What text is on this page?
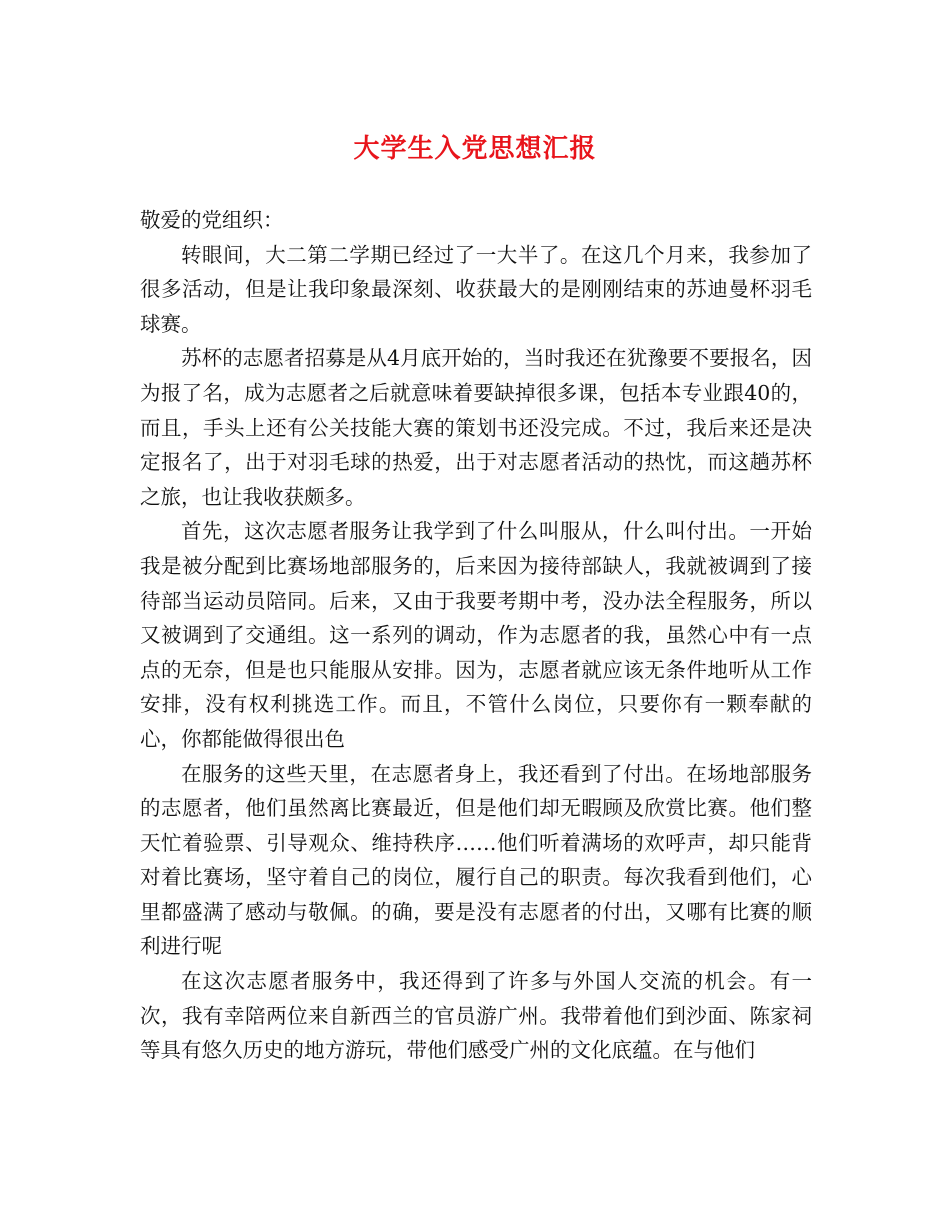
大学生入党思想汇报

敬爱的党组织：

转眼间，大二第二学期已经过了一大半了。在这几个月来，我参加了很多活动，但是让我印象最深刻、收获最大的是刚刚结束的苏迪曼杯羽毛球赛。

苏杯的志愿者招募是从4月底开始的，当时我还在犹豫要不要报名，因为报了名，成为志愿者之后就意味着要缺掉很多课，包括本专业跟40的，而且，手头上还有公关技能大赛的策划书还没完成。不过，我后来还是决定报名了，出于对羽毛球的热爱，出于对志愿者活动的热忱，而这趟苏杯之旅，也让我收获颇多。

首先，这次志愿者服务让我学到了什么叫服从，什么叫付出。一开始我是被分配到比赛场地部服务的，后来因为接待部缺人，我就被调到了接待部当运动员陪同。后来，又由于我要考期中考，没办法全程服务，所以又被调到了交通组。这一系列的调动，作为志愿者的我，虽然心中有一点点的无奈，但是也只能服从安排。因为，志愿者就应该无条件地听从工作安排，没有权利挑选工作。而且，不管什么岗位，只要你有一颗奉献的心，你都能做得很出色

在服务的这些天里，在志愿者身上，我还看到了付出。在场地部服务的志愿者，他们虽然离比赛最近，但是他们却无暇顾及欣赏比赛。他们整天忙着验票、引导观众、维持秩序……他们听着满场的欢呼声，却只能背对着比赛场，坚守着自己的岗位，履行自己的职责。每次我看到他们，心里都盛满了感动与敬佩。的确，要是没有志愿者的付出，又哪有比赛的顺利进行呢

在这次志愿者服务中，我还得到了许多与外国人交流的机会。有一次，我有幸陪两位来自新西兰的官员游广州。我带着他们到沙面、陈家祠等具有悠久历史的地方游玩，带他们感受广州的文化底蕴。在与他们
